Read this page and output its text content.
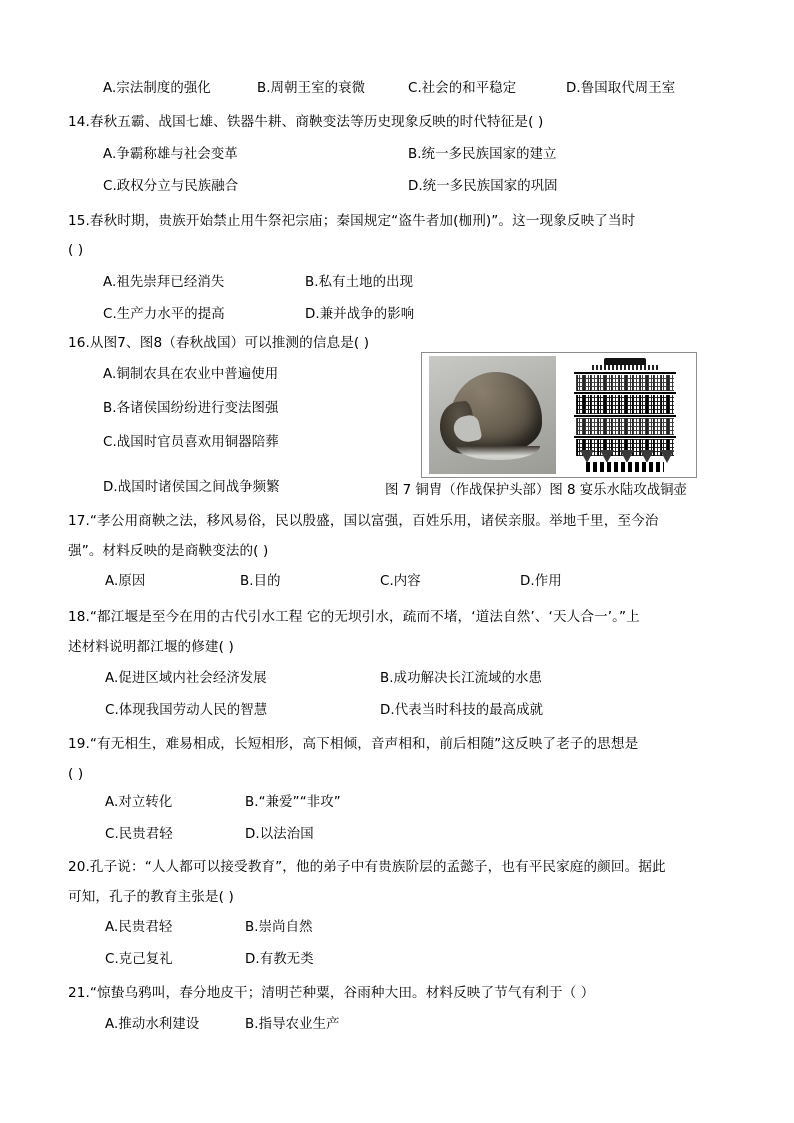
A.宗法制度的强化	B.周朝王室的衰微	C.社会的和平稳定	D.鲁国取代周王室
14.春秋五霸、战国七雄、铁器牛耕、商鞅变法等历史现象反映的时代特征是( )
A.争霸称雄与社会变革	B.统一多民族国家的建立
C.政权分立与民族融合	D.统一多民族国家的巩固
15.春秋时期，贵族开始禁止用牛祭祀宗庙；秦国规定“盗牛者加(枷刑)”。这一现象反映了当时
( )
A.祖先崇拜已经消失	B.私有土地的出现
C.生产力水平的提高	D.兼并战争的影响
16.从图7、图8（春秋战国）可以推测的信息是( )
A.铜制农具在农业中普遍使用
B.各诸侯国纷纷进行变法图强
C.战国时官员喜欢用铜器陪葬
D.战国时诸侯国之间战争频繁	图 7 铜胄（作战保护头部）图 8 宴乐水陆攻战铜壶
17.“孝公用商鞅之法，移风易俗，民以殷盛，国以富强，百姓乐用，诸侯亲服。举地千里，至今治
强”。材料反映的是商鞅变法的( )
A.原因	B.目的	C.内容	D.作用
18.“都江堰是至今在用的古代引水工程 它的无坝引水，疏而不堵，‘道法自然’、‘天人合一’。”上
述材料说明都江堰的修建( )
A.促进区域内社会经济发展	B.成功解决长江流域的水患
C.体现我国劳动人民的智慧	D.代表当时科技的最高成就
19.“有无相生，难易相成，长短相形，高下相倾，音声相和，前后相随”这反映了老子的思想是
( )
A.对立转化	B.“兼爱”“非攻”
C.民贵君轻	D.以法治国
20.孔子说：“人人都可以接受教育”，他的弟子中有贵族阶层的孟懿子，也有平民家庭的颜回。据此
可知，孔子的教育主张是( )
A.民贵君轻	B.崇尚自然
C.克己复礼	D.有教无类
21.“惊蛰乌鸦叫，春分地皮干；清明芒种粟，谷雨种大田。材料反映了节气有利于（ ）
A.推动水利建设	B.指导农业生产
